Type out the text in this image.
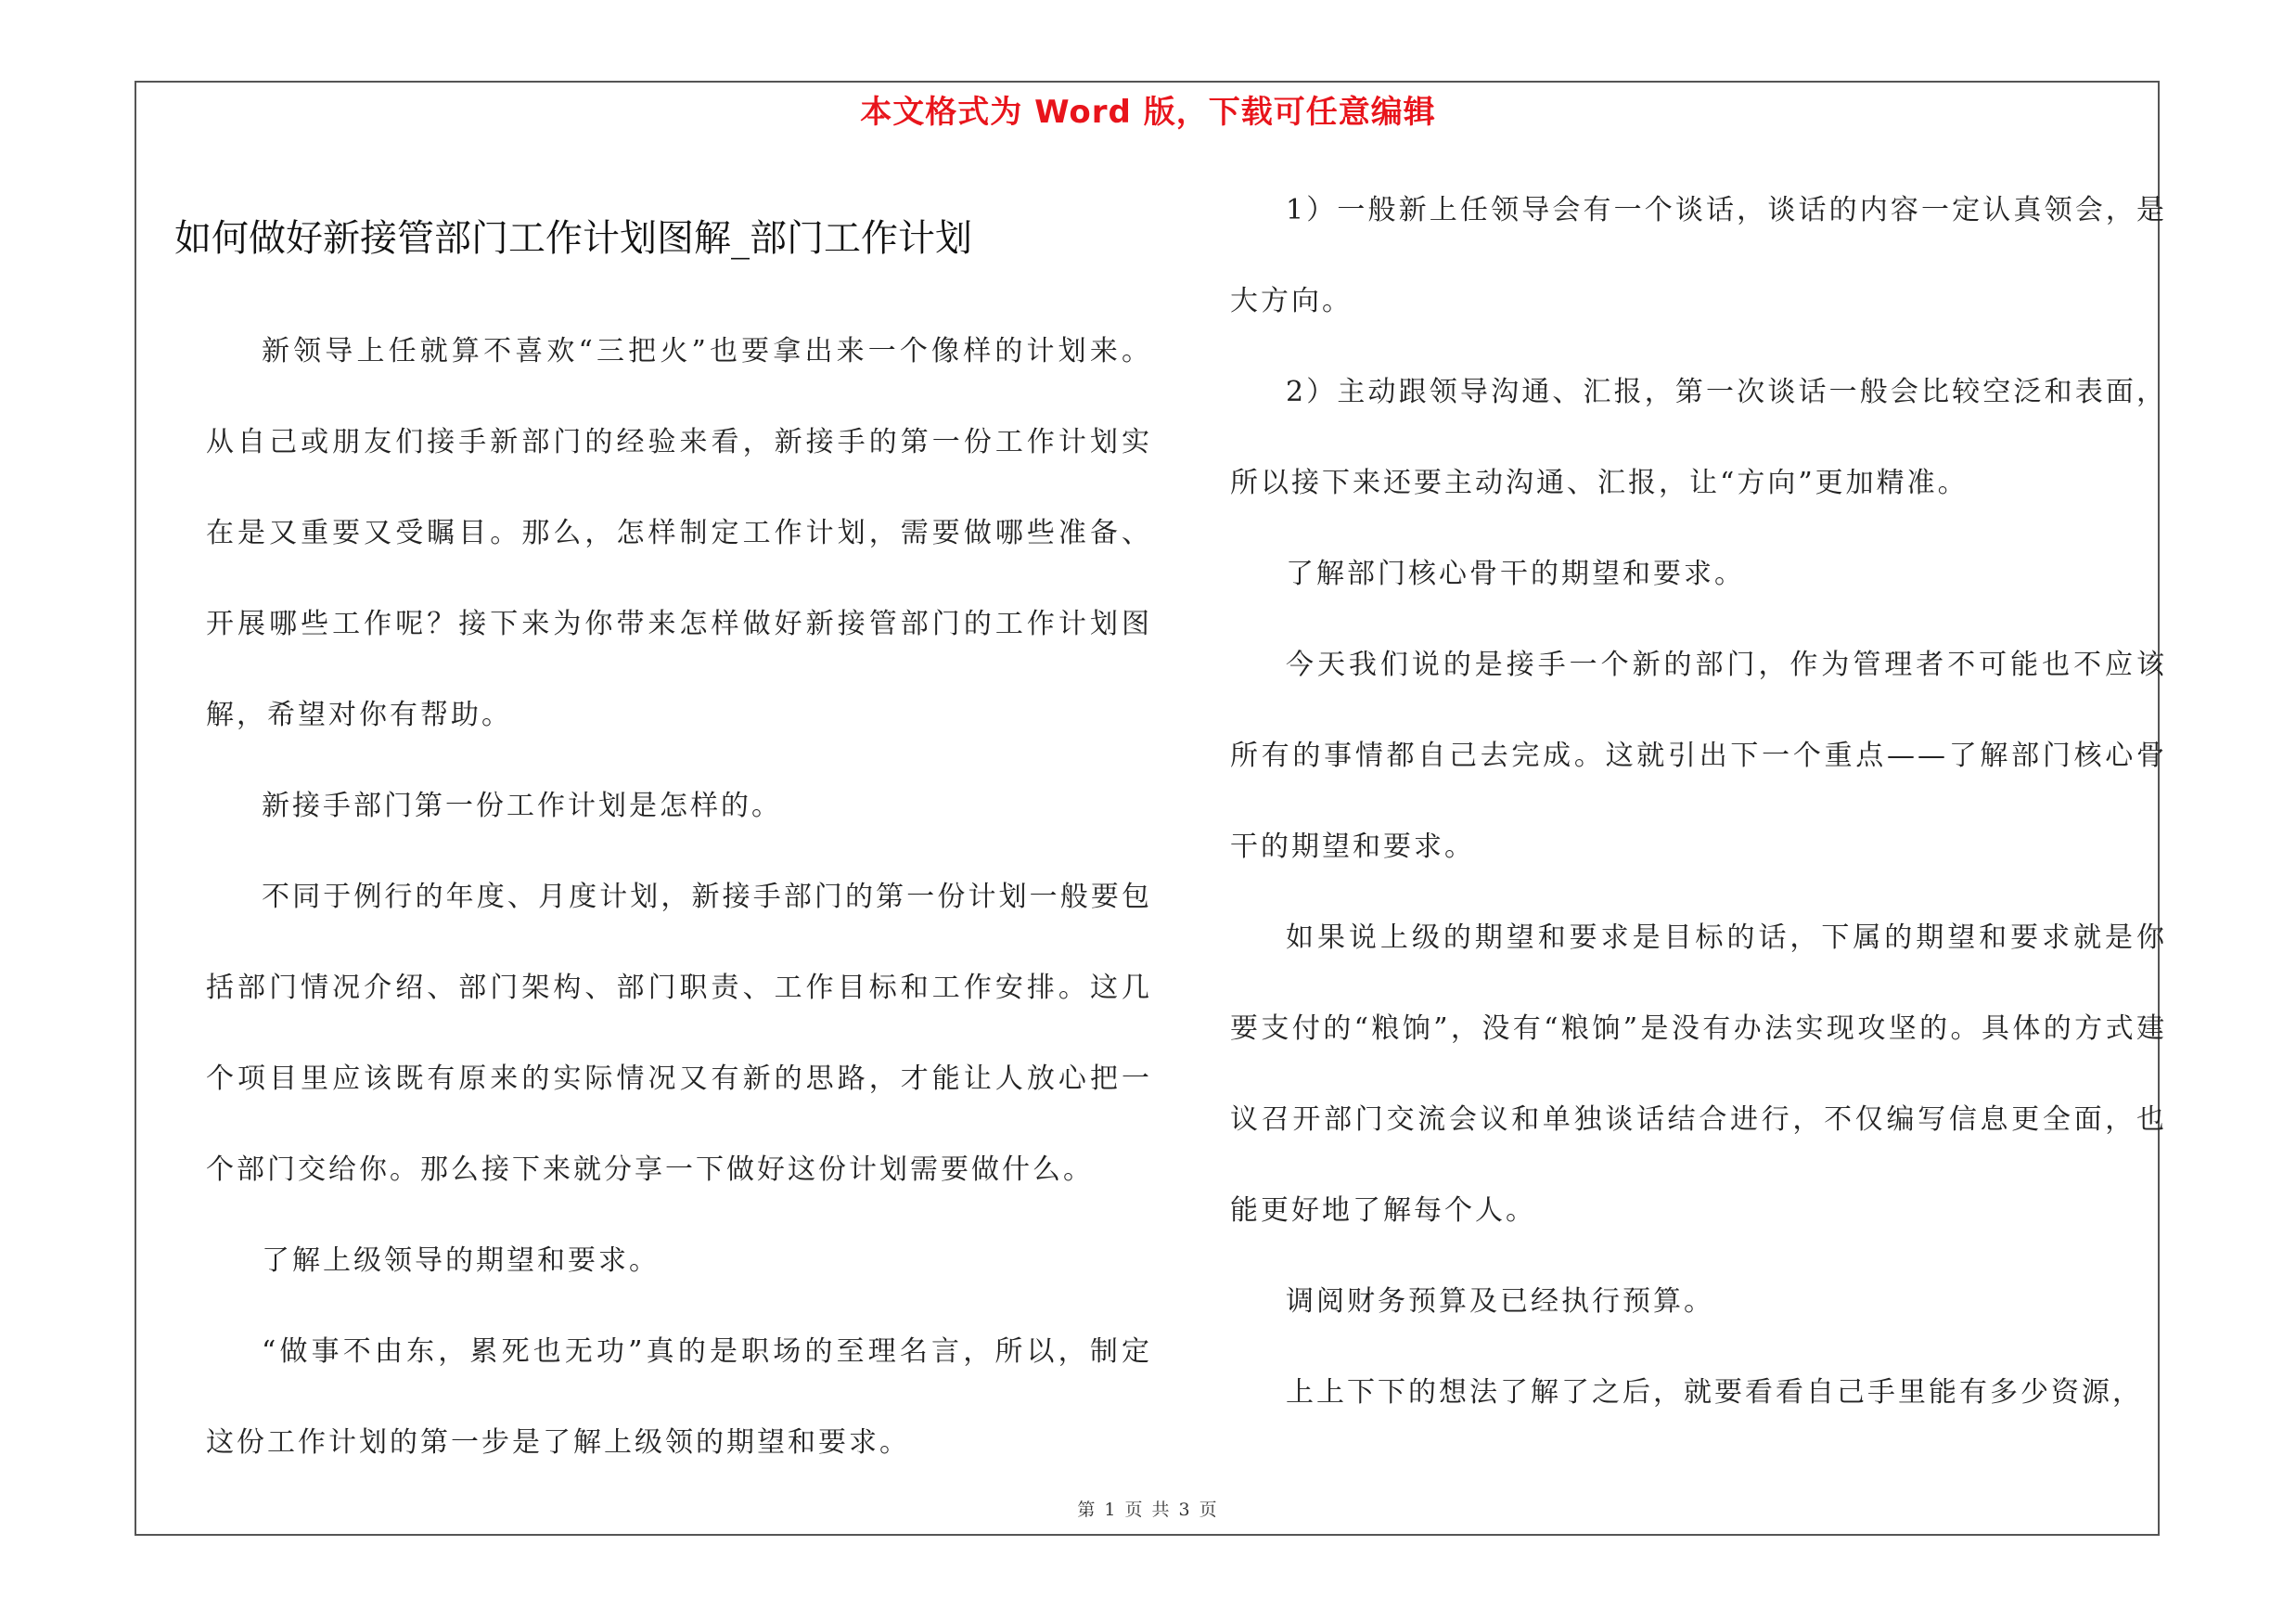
本文格式为 Word 版，下载可任意编辑
如何做好新接管部门工作计划图解_部门工作计划

新领导上任就算不喜欢“三把火”也要拿出来一个像样的计划来。从自己或朋友们接手新部门的经验来看，新接手的第一份工作计划实在是又重要又受瞩目。那么，怎样制定工作计划，需要做哪些准备、开展哪些工作呢？接下来为你带来怎样做好新接管部门的工作计划图解，希望对你有帮助。

新接手部门第一份工作计划是怎样的。

不同于例行的年度、月度计划，新接手部门的第一份计划一般要包括部门情况介绍、部门架构、部门职责、工作目标和工作安排。这几个项目里应该既有原来的实际情况又有新的思路，才能让人放心把一个部门交给你。那么接下来就分享一下做好这份计划需要做什么。

了解上级领导的期望和要求。

“做事不由东，累死也无功”真的是职场的至理名言，所以，制定这份工作计划的第一步是了解上级领的期望和要求。

1）一般新上任领导会有一个谈话，谈话的内容一定认真领会，是大方向。

2）主动跟领导沟通、汇报，第一次谈话一般会比较空泛和表面，所以接下来还要主动沟通、汇报，让“方向”更加精准。

了解部门核心骨干的期望和要求。

今天我们说的是接手一个新的部门，作为管理者不可能也不应该所有的事情都自己去完成。这就引出下一个重点——了解部门核心骨干的期望和要求。

如果说上级的期望和要求是目标的话，下属的期望和要求就是你要支付的“粮饷”，没有“粮饷”是没有办法实现攻坚的。具体的方式建议召开部门交流会议和单独谈话结合进行，不仅编写信息更全面，也能更好地了解每个人。

调阅财务预算及已经执行预算。

上上下下的想法了解了之后，就要看看自己手里能有多少资源，

第 1 页 共 3 页
